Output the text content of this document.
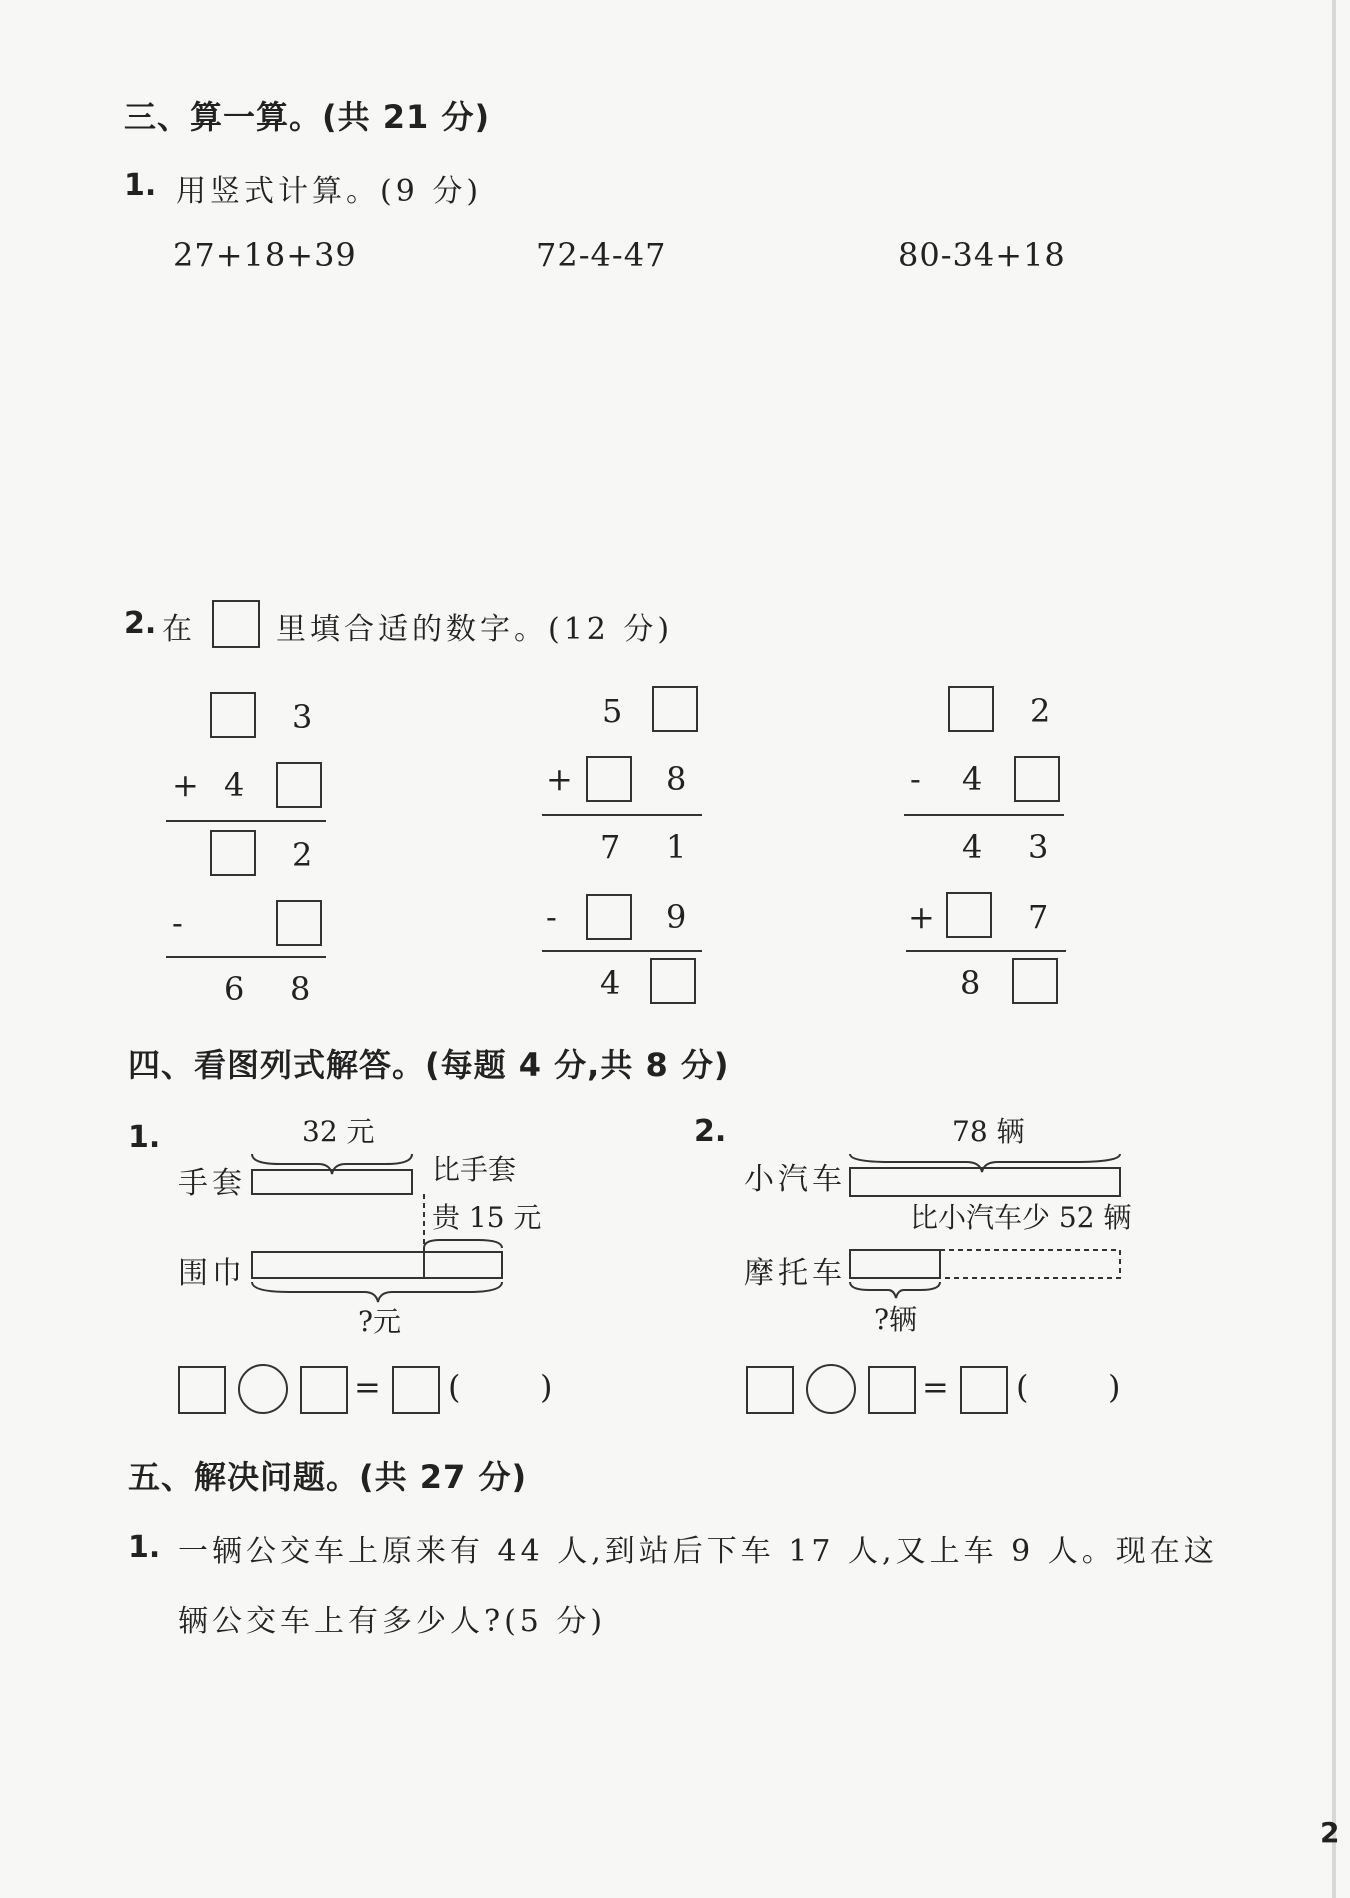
三、算一算。(共 21 分)
1. 用竖式计算。(9 分)
27+18+39	72-4-47	80-34+18
2. 在	里填合适的数字。(12 分)
3
+ 4
2
-
6 8
5
+	8
7 1
-	9
4
2
- 4
4 3
+	7
8
四、看图列式解答。(每题 4 分,共 8 分)
1.	2.
32 元
手套	比手套
贵 15 元
围巾
?元
78 辆
小汽车
比小汽车少 52 辆
摩托车
?辆
= ( )	= ( )
五、解决问题。(共 27 分)
1. 一辆公交车上原来有 44 人,到站后下车 17 人,又上车 9 人。现在这
辆公交车上有多少人?(5 分)
2
